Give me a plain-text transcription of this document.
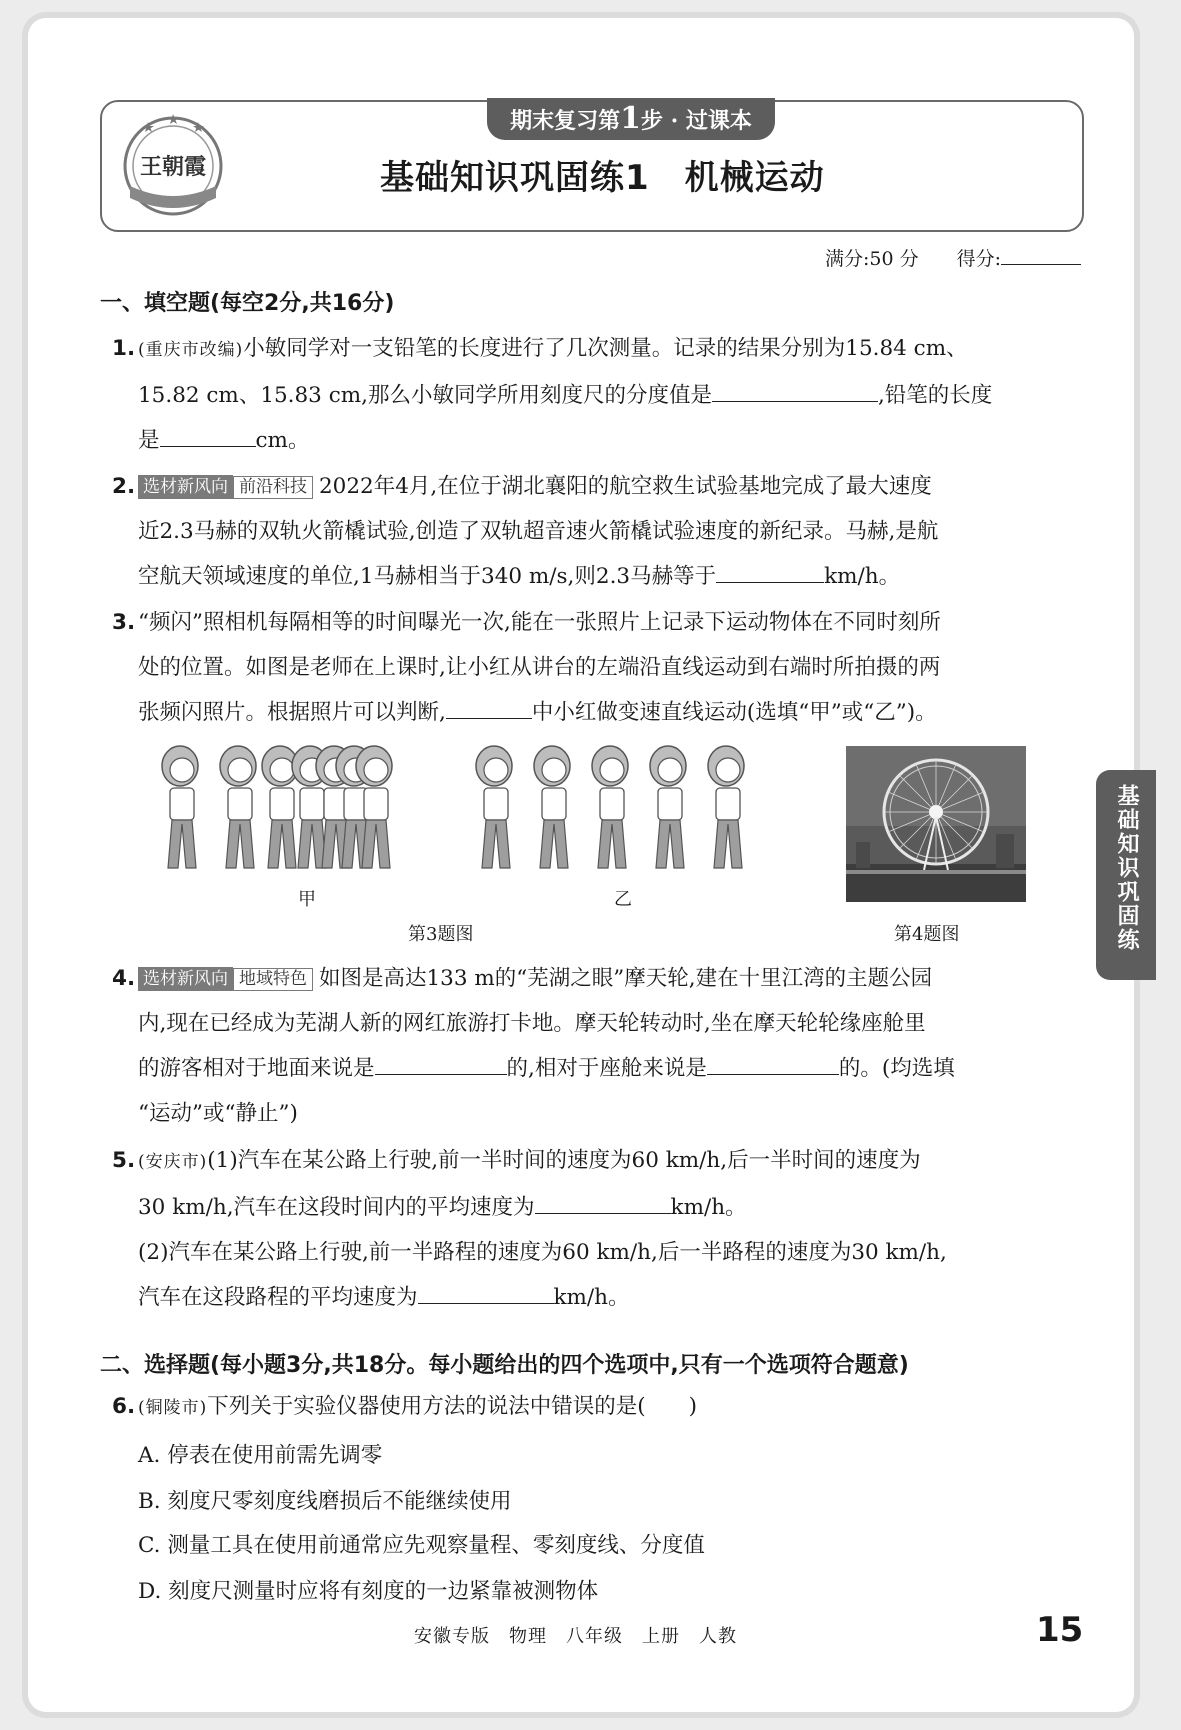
王朝霞
期末复习第1步 · 过课本
基础知识巩固练1　机械运动
满分:50 分　　 得分:
一、填空题(每空2分,共16分)
1. (重庆市改编)小敏同学对一支铅笔的长度进行了几次测量。记录的结果分别为15.84 cm、
15.82 cm、15.83 cm,那么小敏同学所用刻度尺的分度值是	,铅笔的长度
是	cm。
2. 选材新风向 前沿科技 2022年4月,在位于湖北襄阳的航空救生试验基地完成了最大速度
近2.3马赫的双轨火箭橇试验,创造了双轨超音速火箭橇试验速度的新纪录。马赫,是航
空航天领域速度的单位,1马赫相当于340 m/s,则2.3马赫等于	km/h。
3. “频闪”照相机每隔相等的时间曝光一次,能在一张照片上记录下运动物体在不同时刻所
处的位置。如图是老师在上课时,让小红从讲台的左端沿直线运动到右端时所拍摄的两
张频闪照片。根据照片可以判断,	中小红做变速直线运动(选填“甲”或“乙”)。
甲	乙
第3题图	第4题图	基础知识巩固练
4. 选材新风向 地域特色 如图是高达133 m的“芜湖之眼”摩天轮,建在十里江湾的主题公园
内,现在已经成为芜湖人新的网红旅游打卡地。摩天轮转动时,坐在摩天轮轮缘座舱里
的游客相对于地面来说是	的,相对于座舱来说是	的。(均选填
“运动”或“静止”)
5. (安庆市)(1)汽车在某公路上行驶,前一半时间的速度为60 km/h,后一半时间的速度为
30 km/h,汽车在这段时间内的平均速度为	km/h。
(2)汽车在某公路上行驶,前一半路程的速度为60 km/h,后一半路程的速度为30 km/h,
汽车在这段路程的平均速度为	km/h。
二、选择题(每小题3分,共18分。每小题给出的四个选项中,只有一个选项符合题意)
6. (铜陵市)下列关于实验仪器使用方法的说法中错误的是(　　)
A. 停表在使用前需先调零
B. 刻度尺零刻度线磨损后不能继续使用
C. 测量工具在使用前通常应先观察量程、零刻度线、分度值
D. 刻度尺测量时应将有刻度的一边紧靠被测物体
安徽专版　物理　八年级　上册　人教	15
